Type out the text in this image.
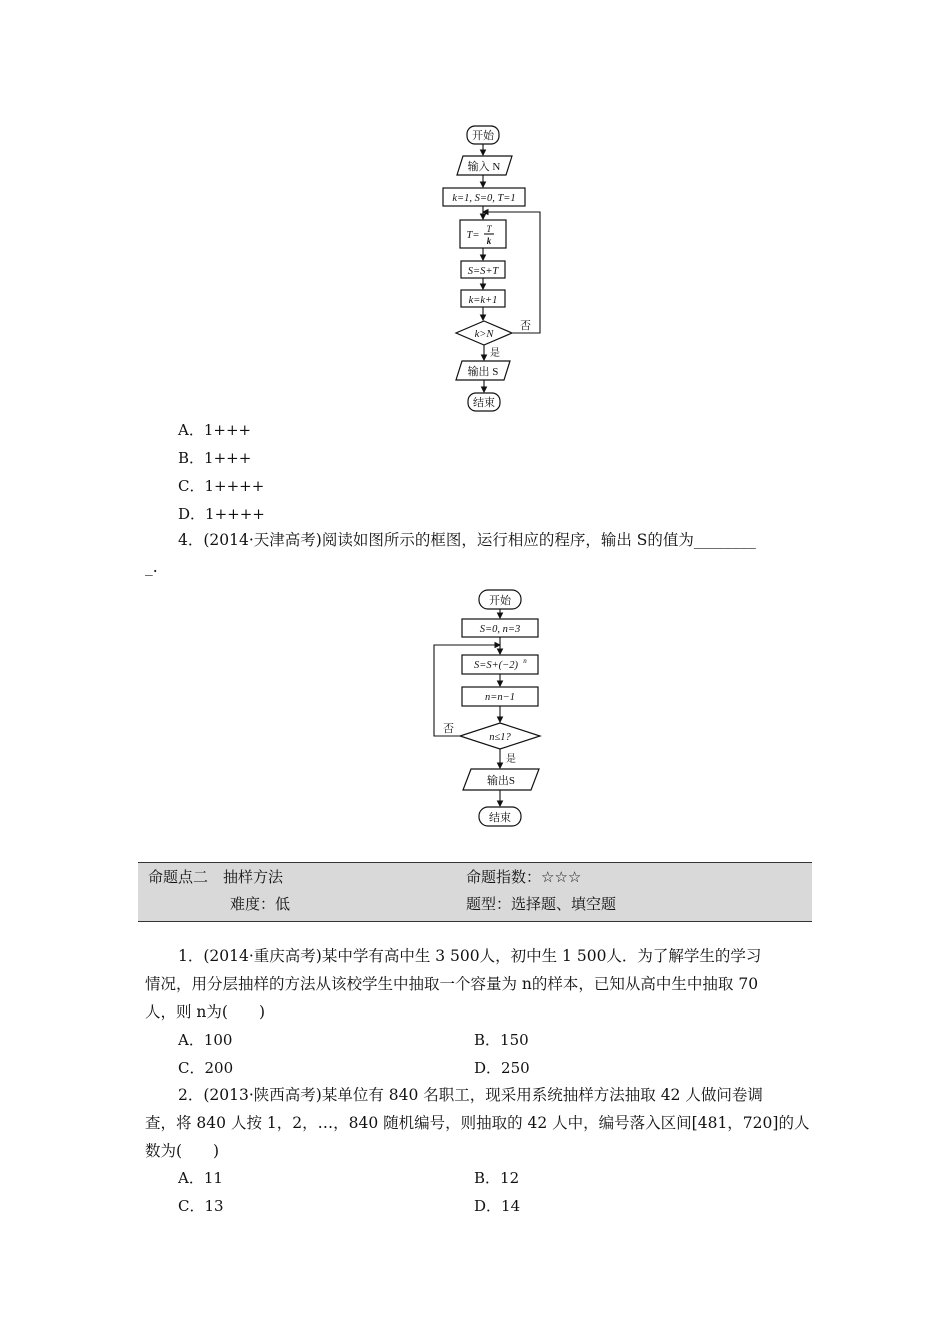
开始
输入 N
k=1, S=0, T=1
T=
T
k
S=S+T
k=k+1
k>N
否
是
输出 S
结束
A．1+++
B．1+++
C．1++++
D．1++++
4．(2014·天津高考)阅读如图所示的框图，运行相应的程序，输出 S的值为________
_.
开始
S=0, n=3
S=S+(−2) n
n=n−1
n≤1?
否
是
输出S
结束
命题点二　抽样方法
难度：低
命题指数：☆☆☆
题型：选择题、填空题
1．(2014·重庆高考)某中学有高中生 3 500人，初中生 1 500人．为了解学生的学习
情况，用分层抽样的方法从该校学生中抽取一个容量为 n的样本，已知从高中生中抽取 70
人，则 n为(　　)
A．100	B．150
C．200	D．250
2．(2013·陕西高考)某单位有 840 名职工，现采用系统抽样方法抽取 42 人做问卷调
查，将 840 人按 1，2，…，840 随机编号，则抽取的 42 人中，编号落入区间[481，720]的人
数为(　　)
A．11	B．12
C．13	D．14
